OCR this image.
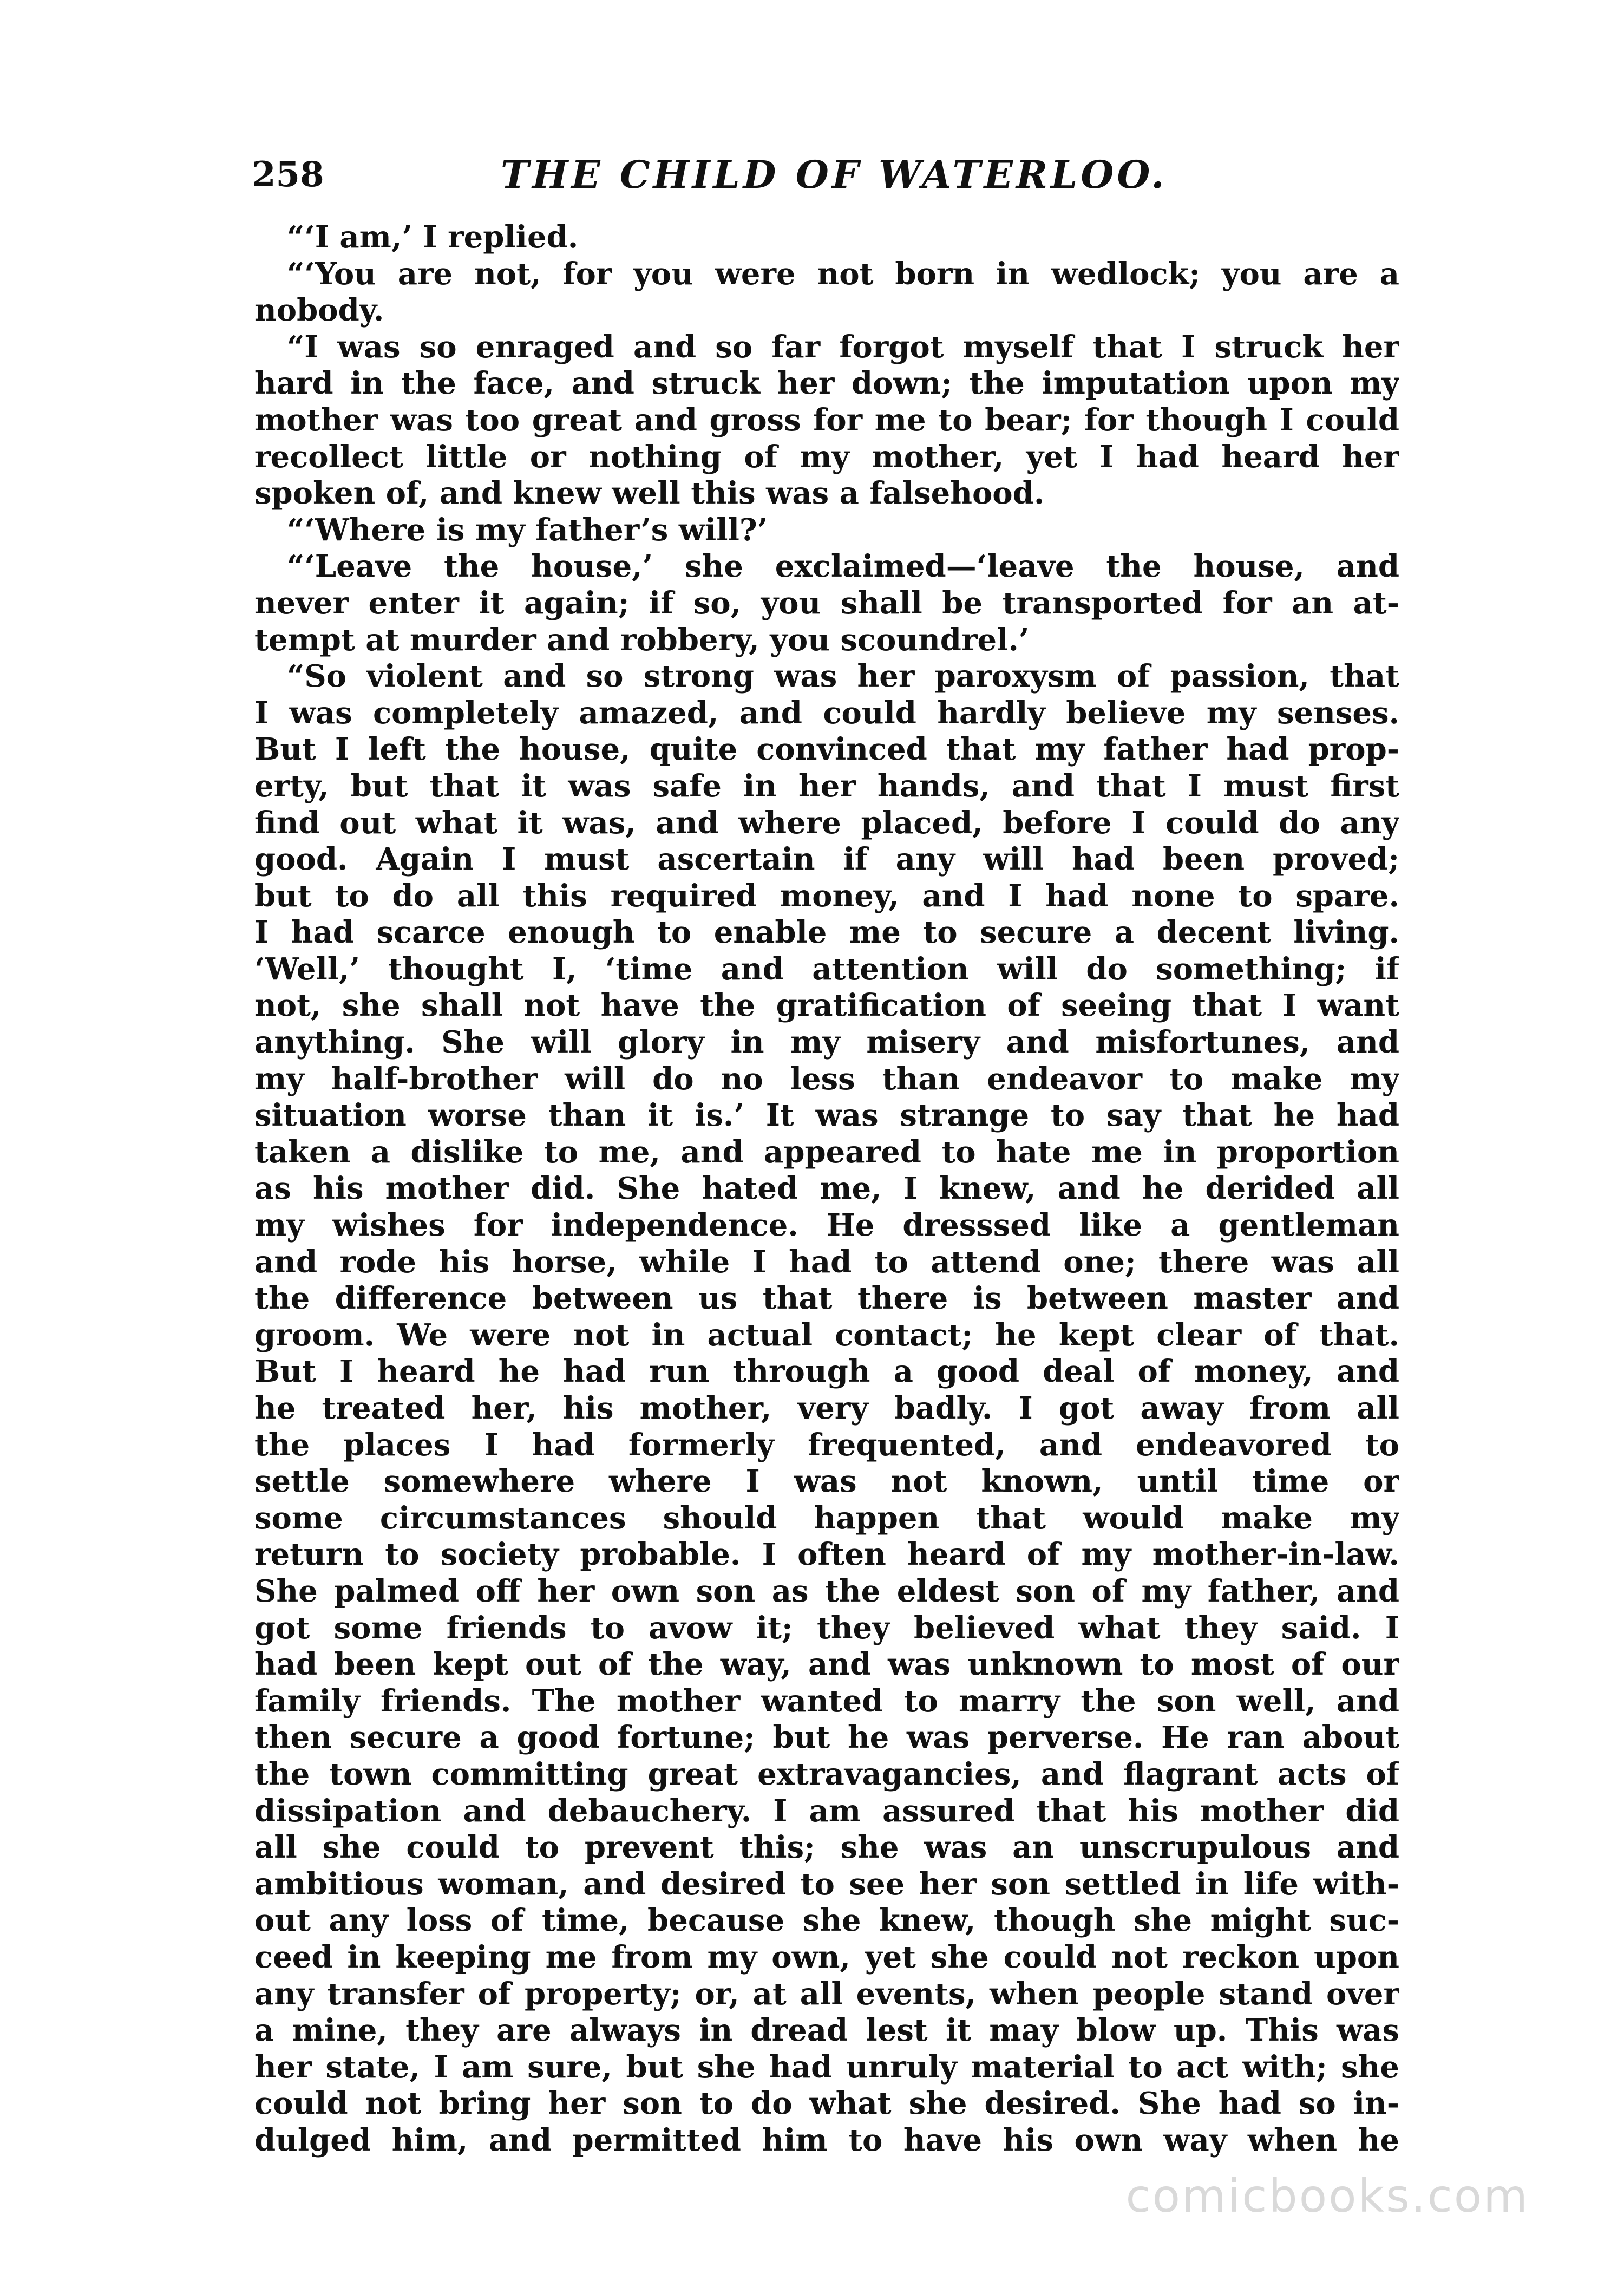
258	THE CHILD OF WATERLOO.
“‘I am,’ I replied.
“‘You are not, for you were not born in wedlock; you are a
nobody.
“I was so enraged and so far forgot myself that I struck her
hard in the face, and struck her down; the imputation upon my
mother was too great and gross for me to bear; for though I could
recollect little or nothing of my mother, yet I had heard her
spoken of, and knew well this was a falsehood.
“‘Where is my father’s will?’
“‘Leave the house,’ she exclaimed—‘leave the house, and
never enter it again; if so, you shall be transported for an at-
tempt at murder and robbery, you scoundrel.’
“So violent and so strong was her paroxysm of passion, that
I was completely amazed, and could hardly believe my senses.
But I left the house, quite convinced that my father had prop-
erty, but that it was safe in her hands, and that I must first
find out what it was, and where placed, before I could do any
good. Again I must ascertain if any will had been proved;
but to do all this required money, and I had none to spare.
I had scarce enough to enable me to secure a decent living.
‘Well,’ thought I, ‘time and attention will do something; if
not, she shall not have the gratification of seeing that I want
anything. She will glory in my misery and misfortunes, and
my half-brother will do no less than endeavor to make my
situation worse than it is.’ It was strange to say that he had
taken a dislike to me, and appeared to hate me in proportion
as his mother did. She hated me, I knew, and he derided all
my wishes for independence. He dresssed like a gentleman
and rode his horse, while I had to attend one; there was all
the difference between us that there is between master and
groom. We were not in actual contact; he kept clear of that.
But I heard he had run through a good deal of money, and
he treated her, his mother, very badly. I got away from all
the places I had formerly frequented, and endeavored to
settle somewhere where I was not known, until time or
some circumstances should happen that would make my
return to society probable. I often heard of my mother-in-law.
She palmed off her own son as the eldest son of my father, and
got some friends to avow it; they believed what they said. I
had been kept out of the way, and was unknown to most of our
family friends. The mother wanted to marry the son well, and
then secure a good fortune; but he was perverse. He ran about
the town committing great extravagancies, and flagrant acts of
dissipation and debauchery. I am assured that his mother did
all she could to prevent this; she was an unscrupulous and
ambitious woman, and desired to see her son settled in life with-
out any loss of time, because she knew, though she might suc-
ceed in keeping me from my own, yet she could not reckon upon
any transfer of property; or, at all events, when people stand over
a mine, they are always in dread lest it may blow up. This was
her state, I am sure, but she had unruly material to act with; she
could not bring her son to do what she desired. She had so in-
dulged him, and permitted him to have his own way when he
comicbooks.com
